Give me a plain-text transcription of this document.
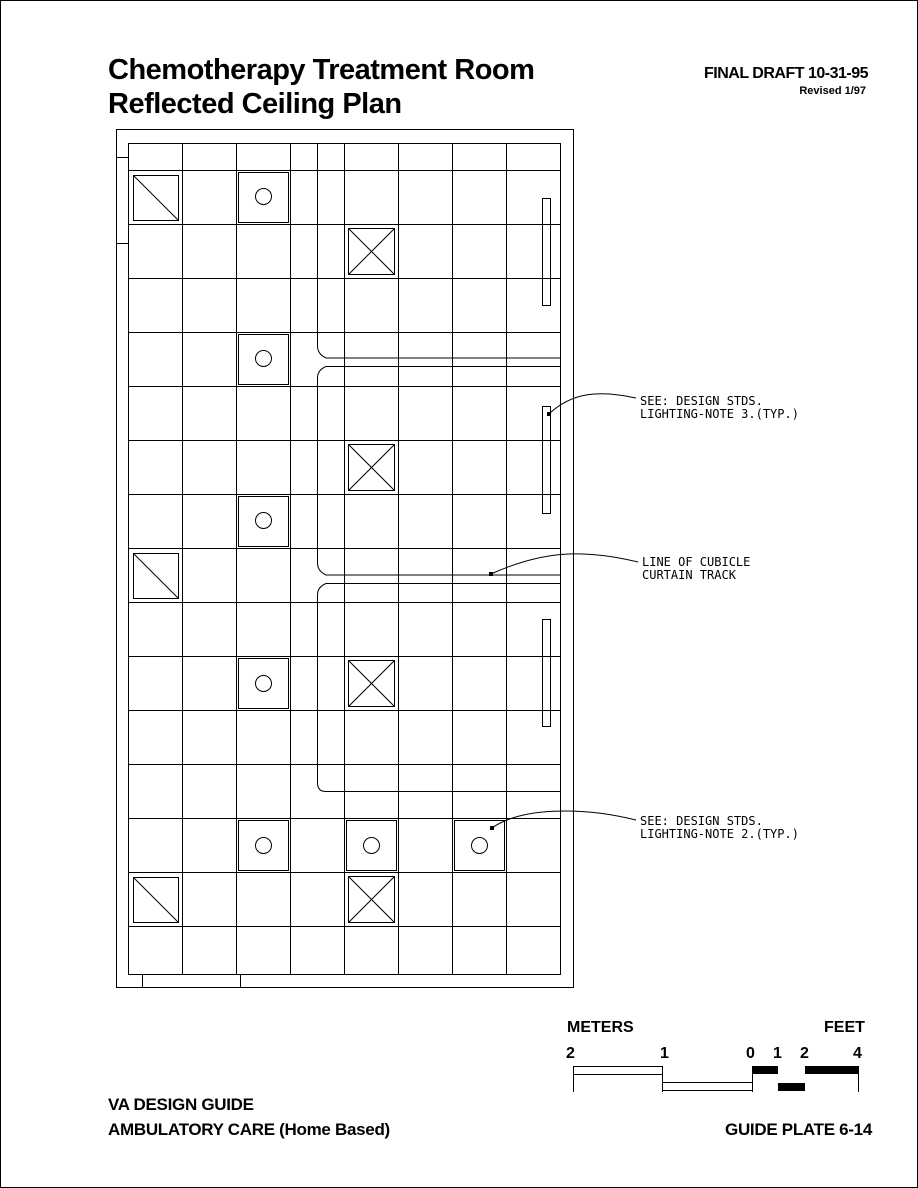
Chemotherapy Treatment Room
Reflected Ceiling Plan
FINAL DRAFT 10-31-95
Revised 1/97
SEE: DESIGN STDS.
LIGHTING-NOTE 3.(TYP.)
LINE OF CUBICLE
CURTAIN TRACK
SEE: DESIGN STDS.
LIGHTING-NOTE 2.(TYP.)
METERS	FEET
2	1	0 1 2	4
VA DESIGN GUIDE
AMBULATORY CARE (Home Based)	GUIDE PLATE 6-14
